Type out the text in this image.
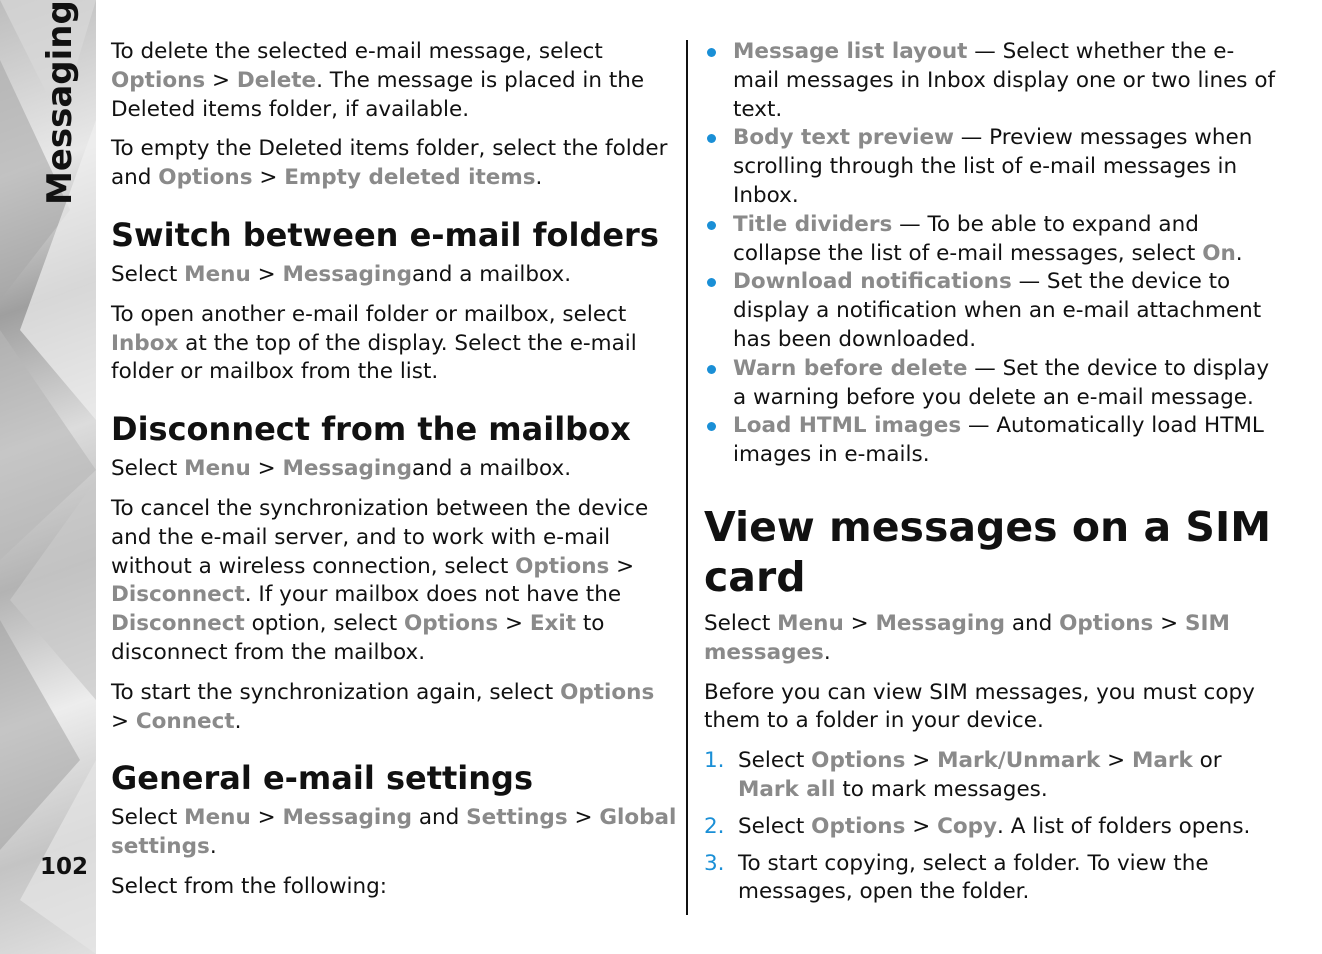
Messaging
102

To delete the selected e-mail message, select Options > Delete. The message is placed in the Deleted items folder, if available.

To empty the Deleted items folder, select the folder and Options > Empty deleted items.

Switch between e-mail folders

Select Menu > Messagingand a mailbox.

To open another e-mail folder or mailbox, select Inbox at the top of the display. Select the e-mail folder or mailbox from the list.

Disconnect from the mailbox

Select Menu > Messagingand a mailbox.

To cancel the synchronization between the device and the e-mail server, and to work with e-mail without a wireless connection, select Options > Disconnect. If your mailbox does not have the Disconnect option, select Options > Exit to disconnect from the mailbox.

To start the synchronization again, select Options > Connect.

General e-mail settings

Select Menu > Messaging and Settings > Global settings.

Select from the following:

Message list layout — Select whether the e-mail messages in Inbox display one or two lines of text.
Body text preview — Preview messages when scrolling through the list of e-mail messages in Inbox.
Title dividers — To be able to expand and collapse the list of e-mail messages, select On.
Download notifications — Set the device to display a notification when an e-mail attachment has been downloaded.
Warn before delete — Set the device to display a warning before you delete an e-mail message.
Load HTML images — Automatically load HTML images in e-mails.
View messages on a SIM card

Select Menu > Messaging and Options > SIM messages.

Before you can view SIM messages, you must copy them to a folder in your device.

1. Select Options > Mark/Unmark > Mark or Mark all to mark messages.
2. Select Options > Copy. A list of folders opens.
3. To start copying, select a folder. To view the messages, open the folder.
